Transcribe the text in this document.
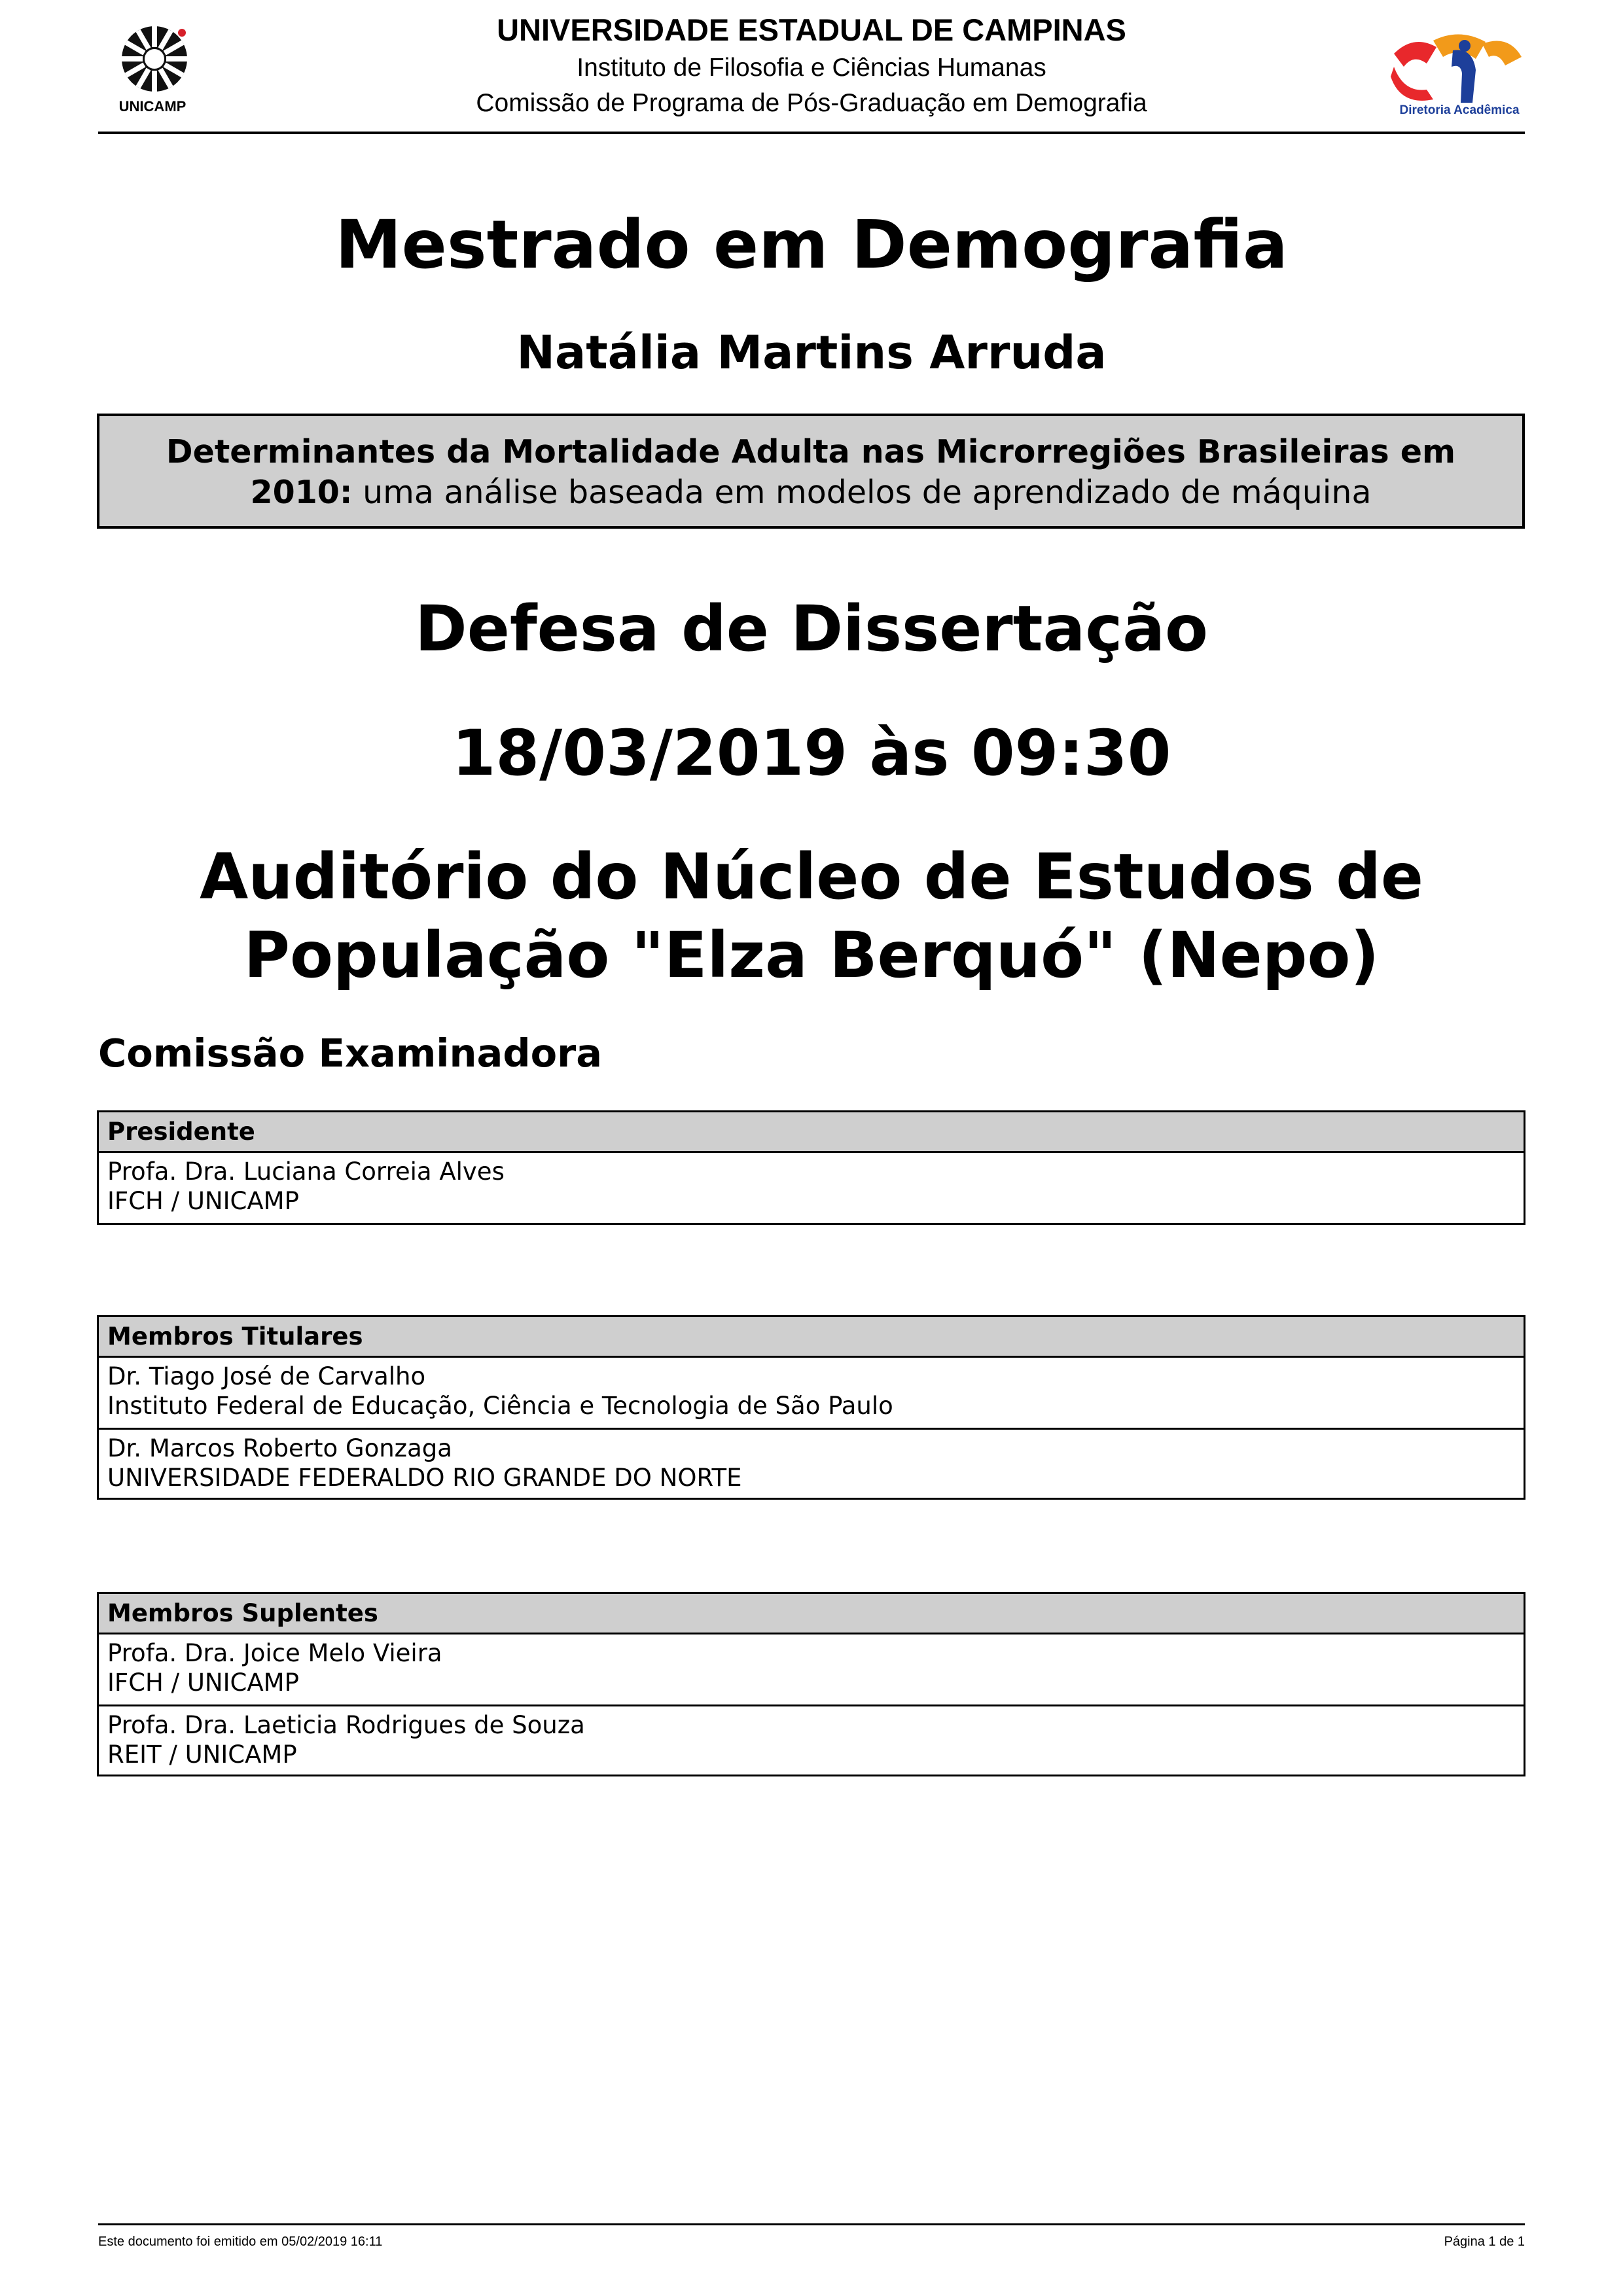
UNICAMP
UNIVERSIDADE ESTADUAL DE CAMPINAS
Instituto de Filosofia e Ciências Humanas
Comissão de Programa de Pós-Graduação em Demografia	Diretoria Acadêmica
Mestrado em Demografia
Natália Martins Arruda
Determinantes da Mortalidade Adulta nas Microrregiões Brasileiras em 2010: uma análise baseada em modelos de aprendizado de máquina
Defesa de Dissertação
18/03/2019 às 09:30
Auditório do Núcleo de Estudos de População "Elza Berquó" (Nepo)
Comissão Examinadora
Presidente
Profa. Dra. Luciana Correia Alves
IFCH / UNICAMP
Membros Titulares
Dr. Tiago José de Carvalho
Instituto Federal de Educação, Ciência e Tecnologia de São Paulo
Dr. Marcos Roberto Gonzaga
UNIVERSIDADE FEDERALDO RIO GRANDE DO NORTE
Membros Suplentes
Profa. Dra. Joice Melo Vieira
IFCH / UNICAMP
Profa. Dra. Laeticia Rodrigues de Souza
REIT / UNICAMP
Este documento foi emitido em 05/02/2019 16:11	Página 1 de 1
